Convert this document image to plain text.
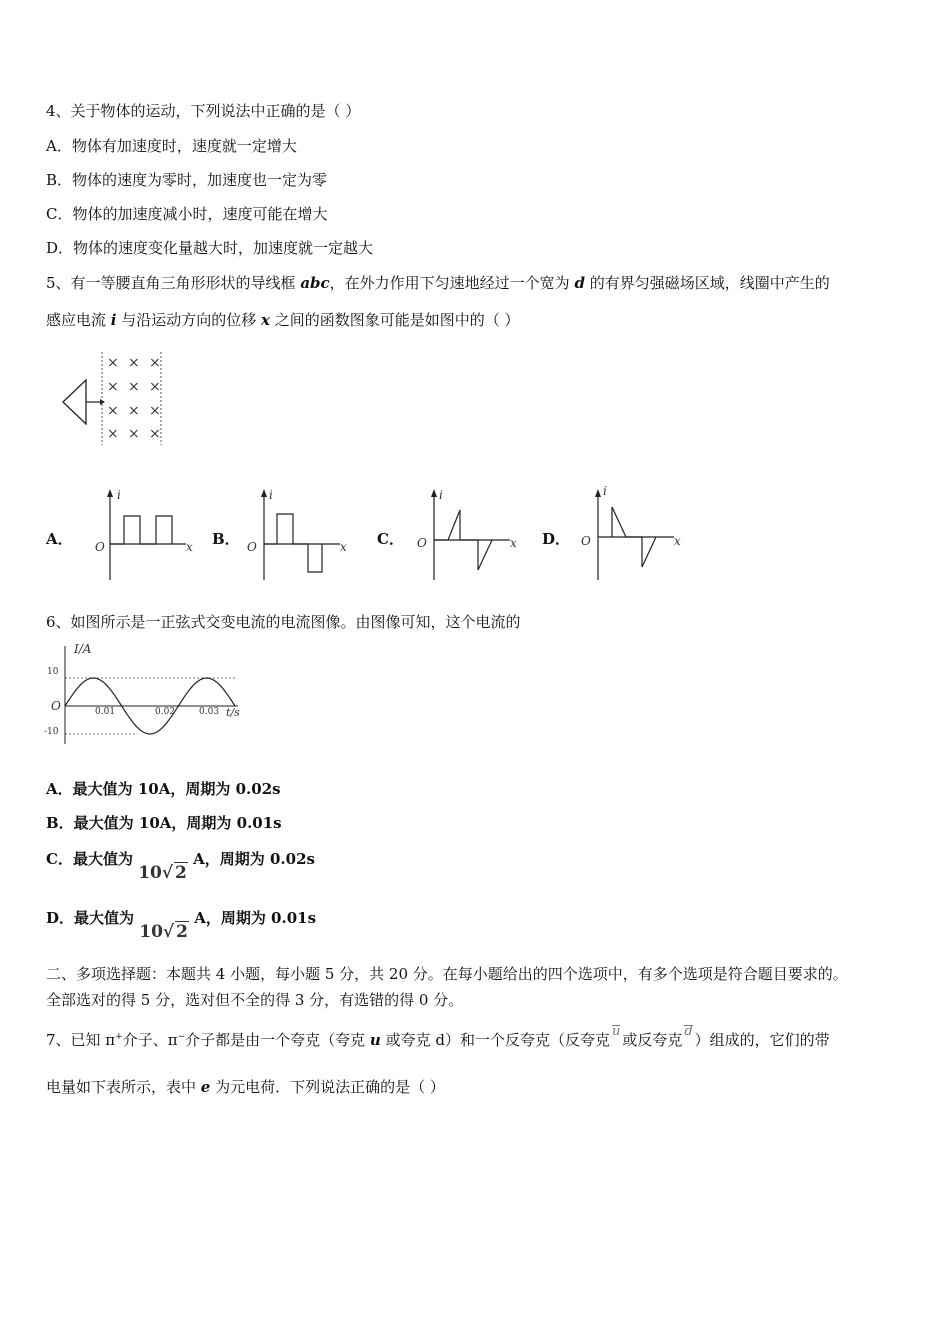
4、关于物体的运动，下列说法中正确的是（ ）
A．物体有加速度时，速度就一定增大
B．物体的速度为零时，加速度也一定为零
C．物体的加速度减小时，速度可能在增大
D．物体的速度变化量越大时，加速度就一定越大
5、有一等腰直角三角形形状的导线框 abc，在外力作用下匀速地经过一个宽为 d 的有界匀强磁场区域，线圈中产生的
感应电流 i 与沿运动方向的位移 x 之间的函数图象可能是如图中的（ ）
× × ×
× × ×
× × ×
× × ×
A．
i
O	x B．
i
O	x C．
i
O	x D．
i
O	x
6、如图所示是一正弦式交变电流的电流图像。由图像可知，这个电流的
I/A
t/s
O
10
-10
0.01	0.02	0.03
A．最大值为 10A，周期为 0.02s
B．最大值为 10A，周期为 0.01s
C．最大值为 10√ 2 A，周期为 0.02s
D．最大值为 10√ 2 A，周期为 0.01s
二、多项选择题：本题共 4 小题，每小题 5 分，共 20 分。在每小题给出的四个选项中，有多个选项是符合题目要求的。
全部选对的得 5 分，选对但不全的得 3 分，有选错的得 0 分。
7、已知 π+介子、π−介子都是由一个夸克（夸克 u 或夸克 d）和一个反夸克（反夸克 u 或反夸克 d ）组成的，它们的带
电量如下表所示，表中 e 为元电荷．下列说法正确的是（ ）
